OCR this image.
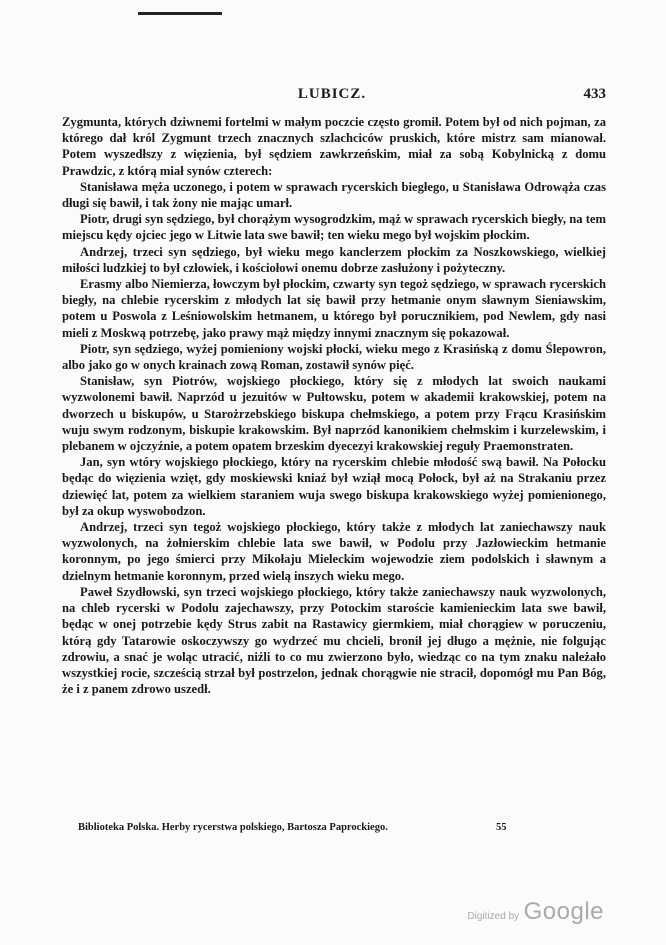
LUBICZ.	433

Zygmunta, których dziwnemi fortelmi w małym poczcie często gromił. Potem był od nich pojman, za którego dał król Zygmunt trzech znacznych szlachciców pruskich, które mistrz sam mianował. Potem wyszedłszy z więzienia, był sędziem zawkrzeńskim, miał za sobą Kobylnicką z domu Prawdzic, z którą miał synów czterech:

Stanisława męża uczonego, i potem w sprawach rycerskich biegłego, u Stanisława Odrowąża czas długi się bawił, i tak żony nie mając umarł.

Piotr, drugi syn sędziego, był chorążym wysogrodzkim, mąż w sprawach rycerskich biegły, na tem miejscu kędy ojciec jego w Litwie lata swe bawił; ten wieku mego był wojskim płockim.

Andrzej, trzeci syn sędziego, był wieku mego kanclerzem płockim za Noszkowskiego, wielkiej miłości ludzkiej to był człowiek, i kościołowi onemu dobrze zasłużony i pożyteczny.

Erasmy albo Niemierza, łowczym był płockim, czwarty syn tegoż sędziego, w sprawach rycerskich biegły, na chlebie rycerskim z młodych lat się bawił przy hetmanie onym sławnym Sieniawskim, potem u Poswola z Leśniowolskim hetmanem, u którego był porucznikiem, pod Newlem, gdy nasi mieli z Moskwą potrzebę, jako prawy mąż między innymi znacznym się pokazował.

Piotr, syn sędziego, wyżej pomieniony wojski płocki, wieku mego z Krasińską z domu Ślepowron, albo jako go w onych krainach zową Roman, zostawił synów pięć.

Stanisław, syn Piotrów, wojskiego płockiego, który się z młodych lat swoich naukami wyzwolonemi bawił. Naprzód u jezuitów w Pułtowsku, potem w akademii krakowskiej, potem na dworzech u biskupów, u Starożrzebskiego biskupa chełmskiego, a potem przy Frącu Krasińskim wuju swym rodzonym, biskupie krakowskim. Był naprzód kanonikiem chełmskim i kurzelewskim, i plebanem w ojczyźnie, a potem opatem brzeskim dyecezyi krakowskiej reguły Praemonstraten.

Jan, syn wtóry wojskiego płockiego, który na rycerskim chlebie młodość swą bawił. Na Połocku będąc do więzienia wzięt, gdy moskiewski kniaź był wziął mocą Połock, był aż na Strakaniu przez dziewięć lat, potem za wielkiem staraniem wuja swego biskupa krakowskiego wyżej pomienionego, był za okup wyswobodzon.

Andrzej, trzeci syn tegoż wojskiego płockiego, który także z młodych lat zaniechawszy nauk wyzwolonych, na żołnierskim chlebie lata swe bawił, w Podolu przy Jazłowieckim hetmanie koronnym, po jego śmierci przy Mikołaju Mieleckim wojewodzie ziem podolskich i sławnym a dzielnym hetmanie koronnym, przed wielą inszych wieku mego.

Paweł Szydłowski, syn trzeci wojskiego płockiego, który także zaniechawszy nauk wyzwolonych, na chleb rycerski w Podolu zajechawszy, przy Potockim staroście kamienieckim lata swe bawił, będąc w onej potrzebie kędy Strus zabit na Rastawicy giermkiem, miał chorągiew w poruczeniu, którą gdy Tatarowie oskoczywszy go wydrzeć mu chcieli, bronił jej długo a mężnie, nie folgując zdrowiu, a snać je woląc utracić, niźli to co mu zwierzono było, wiedząc co na tym znaku należało wszystkiej rocie, szcześcią strzał był postrzelon, jednak chorągwie nie stracił, dopomógł mu Pan Bóg, że i z panem zdrowo uszedł.

Biblioteka Polska. Herby rycerstwa polskiego, Bartosza Paprockiego.	55
Digitized by Google
